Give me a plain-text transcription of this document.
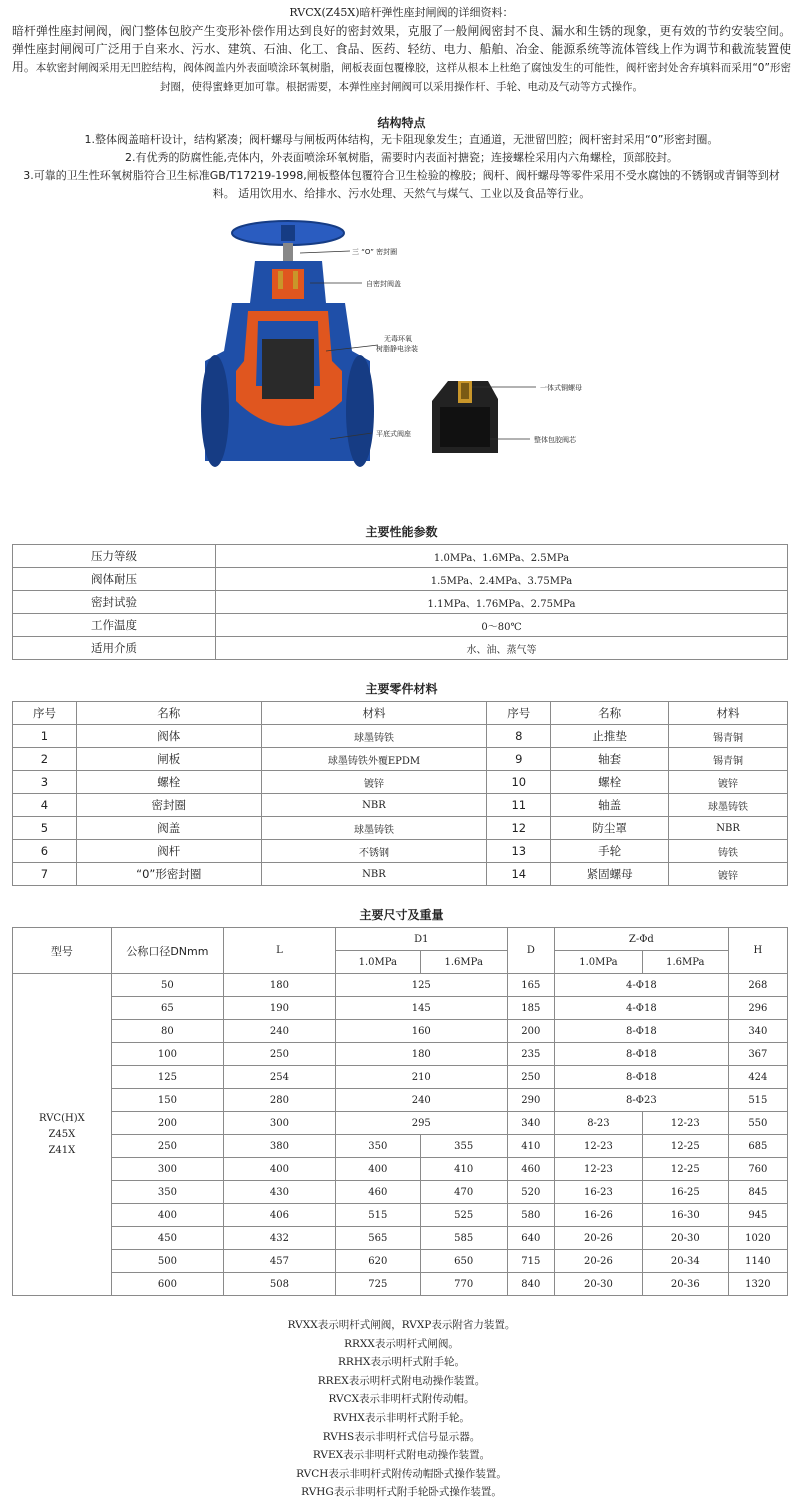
RVCX(Z45X)暗杆弹性座封闸阀的详细资料：
暗杆弹性座封闸阀，阀门整体包胶产生变形补偿作用达到良好的密封效果，克服了一般闸阀密封不良、漏水和生锈的现象，更有效的节约安装空间。 弹性座封闸阀可广泛用于自来水、污水、建筑、石油、化工、食品、医药、轻纺、电力、船舶、冶金、能源系统等流体管线上作为调节和截流装置使用。本软密封闸阀采用无凹腔结构，阀体阀盖内外表面喷涂环氧树脂，闸板表面包覆橡胶，这样从根本上杜绝了腐蚀发生的可能性，阀杆密封处舍弃填料而采用“0”形密封圈，使得蜜蜂更加可靠。根据需要，本弹性座封闸阀可以采用操作杆、手轮、电动及气动等方式操作。
结构特点
1.整体阀盖暗杆设计，结构紧凑；阀杆螺母与闸板两体结构，无卡阻现象发生；直通道，无泄留凹腔；阀杆密封采用“0”形密封圈。
2.有优秀的防腐性能,壳体内，外表面喷涂环氧树脂，需要时内表面衬搪瓷；连接螺栓采用内六角螺栓，顶部胶封。
3.可靠的卫生性环氧树脂符合卫生标准GB/T17219-1998,闸板整体包覆符合卫生检验的橡胶；阀杆、阀杆螺母等零件采用不受水腐蚀的不锈钢或青铜等到材料。 适用饮用水、给排水、污水处理、天然气与煤气、工业以及食品等行业。
三 “O” 密封圈
自密封阀盖
无毒环氧
树脂静电涂装
平底式阀座
一体式铜螺母
整体包胶阀芯
主要性能参数
压力等级	1.0MPa、1.6MPa、2.5MPa
阀体耐压	1.5MPa、2.4MPa、3.75MPa
密封试验	1.1MPa、1.76MPa、2.75MPa
工作温度	0～80℃
适用介质	水、油、蒸气等
主要零件材料
序号	名称	材料	序号	名称	材料
1	阀体	球墨铸铁	8	止推垫	锡青铜
2	闸板	球墨铸铁外覆EPDM	9	轴套	锡青铜
3	螺栓	镀锌	10	螺栓	镀锌
4	密封圈	NBR	11	轴盖	球墨铸铁
5	阀盖	球墨铸铁	12	防尘罩	NBR
6	阀杆	不锈钢	13	手轮	铸铁
7	“0”形密封圈	NBR	14	紧固螺母	镀锌
主要尺寸及重量
型号	公称口径DNmm	L	D1		D	Z-Φd		H
			1.0MPa	1.6MPa		1.0MPa	1.6MPa	

RVC(H)X
Z45X
Z41X	50	180	125		165	4-Φ18		268
	65	190	145		185	4-Φ18		296
	80	240	160		200	8-Φ18		340
	100	250	180		235	8-Φ18		367
	125	254	210		250	8-Φ18		424
	150	280	240		290	8-Φ23		515
	200	300	295		340	8-23	12-23	550
	250	380	350	355	410	12-23	12-25	685
	300	400	400	410	460	12-23	12-25	760
	350	430	460	470	520	16-23	16-25	845
	400	406	515	525	580	16-26	16-30	945
	450	432	565	585	640	20-26	20-30	1020
	500	457	620	650	715	20-26	20-34	1140
	600	508	725	770	840	20-30	20-36	1320
RVXX表示明杆式闸阀，RVXP表示附省力装置。
RRXX表示明杆式闸阀。
RRHX表示明杆式附手轮。
RREX表示明杆式附电动操作装置。
RVCX表示非明杆式附传动帽。
RVHX表示非明杆式附手轮。
RVHS表示非明杆式信号显示器。
RVEX表示非明杆式附电动操作装置。
RVCH表示非明杆式附传动帽卧式操作装置。
RVHG表示非明杆式附手轮卧式操作装置。
